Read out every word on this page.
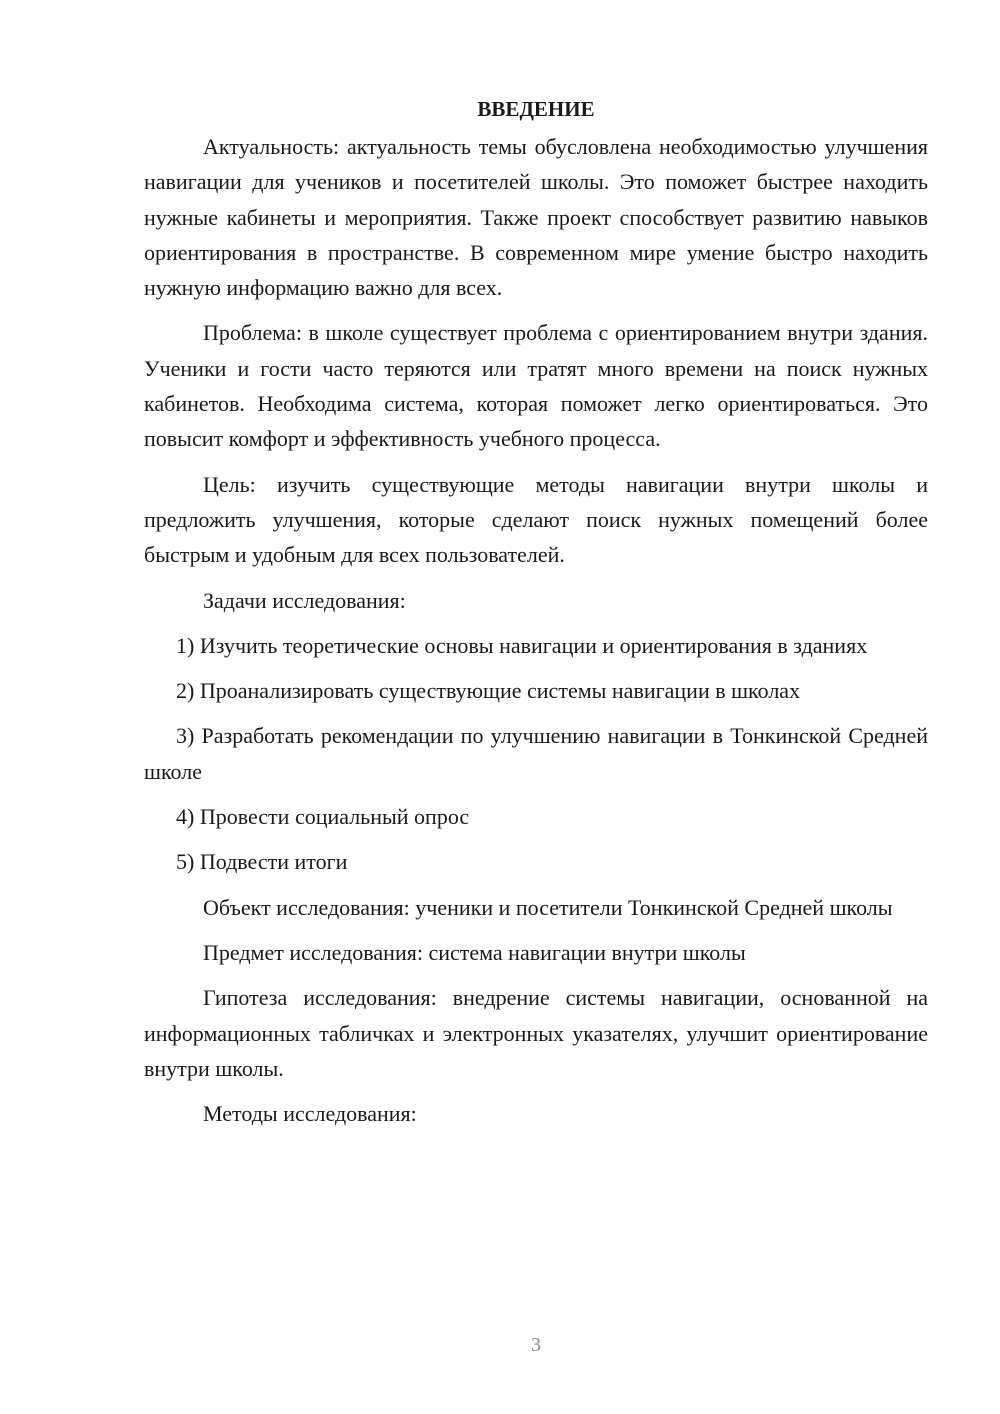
ВВЕДЕНИЕ

Актуальность: актуальность темы обусловлена необходимостью улучшения навигации для учеников и посетителей школы. Это поможет быстрее находить нужные кабинеты и мероприятия. Также проект способствует развитию навыков ориентирования в пространстве. В современном мире умение быстро находить нужную информацию важно для всех.

Проблема: в школе существует проблема с ориентированием внутри здания. Ученики и гости часто теряются или тратят много времени на поиск нужных кабинетов. Необходима система, которая поможет легко ориентироваться. Это повысит комфорт и эффективность учебного процесса.

Цель: изучить существующие методы навигации внутри школы и предложить улучшения, которые сделают поиск нужных помещений более быстрым и удобным для всех пользователей.

Задачи исследования:

1) Изучить теоретические основы навигации и ориентирования в зданиях

2) Проанализировать существующие системы навигации в школах

3) Разработать рекомендации по улучшению навигации в Тонкинской Средней школе

4) Провести социальный опрос

5) Подвести итоги

Объект исследования: ученики и посетители Тонкинской Средней школы

Предмет исследования: система навигации внутри школы

Гипотеза исследования: внедрение системы навигации, основанной на информационных табличках и электронных указателях, улучшит ориентирование внутри школы.

Методы исследования:

3
